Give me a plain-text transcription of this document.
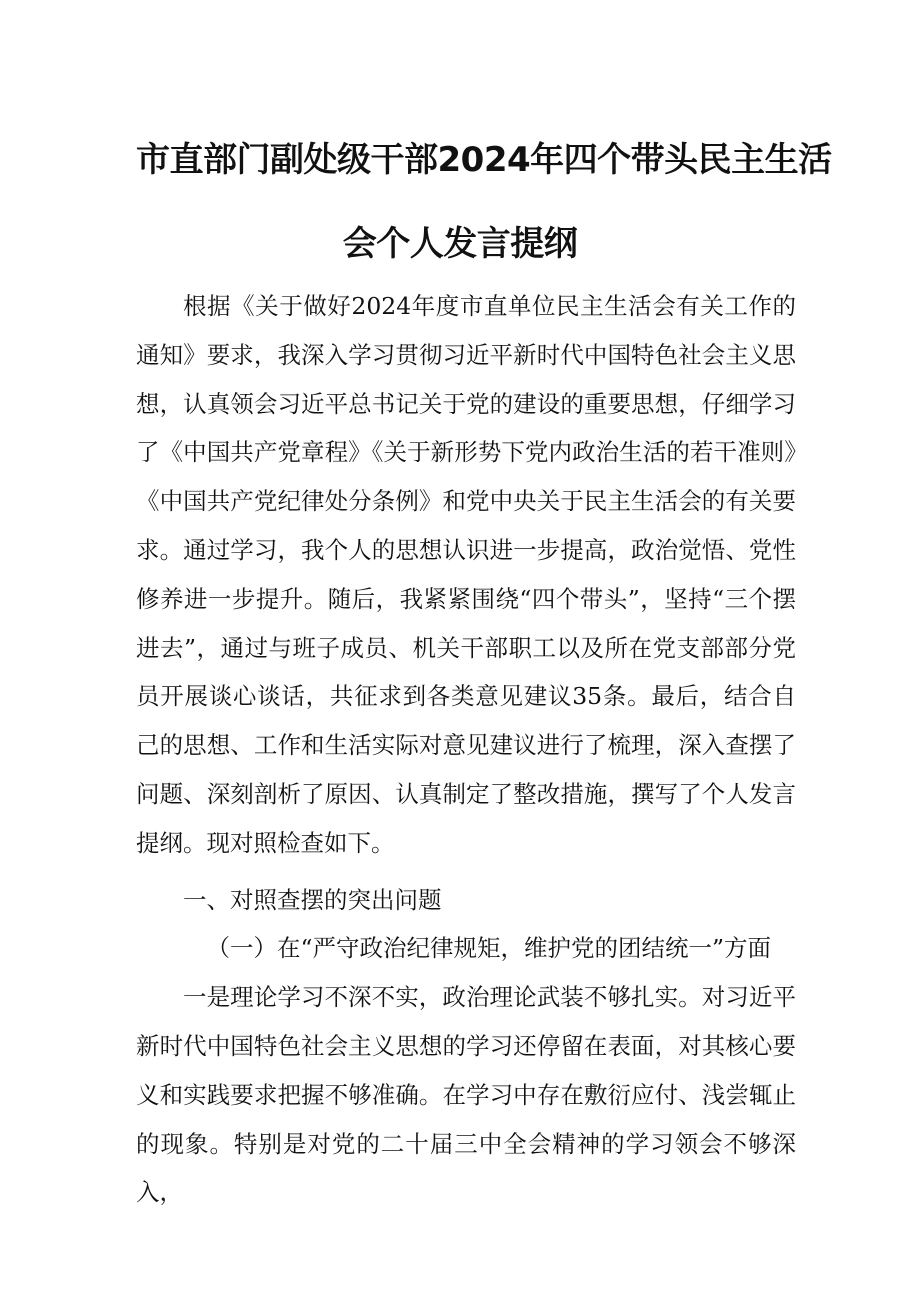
市直部门副处级干部2024年四个带头民主生活
会个人发言提纲

根据《关于做好2024年度市直单位民主生活会有关工作的通知》要求，我深入学习贯彻习近平新时代中国特色社会主义思想，认真领会习近平总书记关于党的建设的重要思想，仔细学习了《中国共产党章程》《关于新形势下党内政治生活的若干准则》《中国共产党纪律处分条例》和党中央关于民主生活会的有关要求。通过学习，我个人的思想认识进一步提高，政治觉悟、党性修养进一步提升。随后，我紧紧围绕“四个带头”，坚持“三个摆进去”，通过与班子成员、机关干部职工以及所在党支部部分党员开展谈心谈话，共征求到各类意见建议35条。最后，结合自己的思想、工作和生活实际对意见建议进行了梳理，深入查摆了问题、深刻剖析了原因、认真制定了整改措施，撰写了个人发言提纲。现对照检查如下。

一、对照查摆的突出问题

（一）在“严守政治纪律规矩，维护党的团结统一”方面

一是理论学习不深不实，政治理论武装不够扎实。对习近平新时代中国特色社会主义思想的学习还停留在表面，对其核心要义和实践要求把握不够准确。在学习中存在敷衍应付、浅尝辄止的现象。特别是对党的二十届三中全会精神的学习领会不够深入，
